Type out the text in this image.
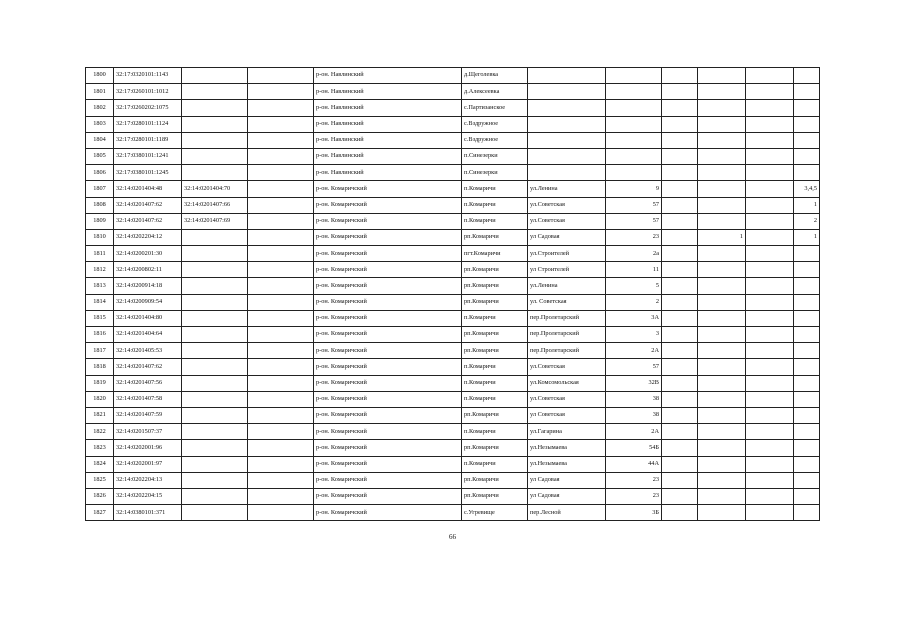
1800	32:17:0320101:1143			р-он. Навлинский	д.Щеголевка						
1801	32:17:0260101:1012			р-он. Навлинский	д.Алексеевка						
1802	32:17:0260202:1075			р-он. Навлинский	с.Партизанское						
1803	32:17:0280101:1124			р-он. Навлинский	с.Вздружное						
1804	32:17:0280101:1189			р-он. Навлинский	с.Вздружное						
1805	32:17:0380101:1241			р-он. Навлинский	п.Синезерки						
1806	32:17:0380101:1245			р-он. Навлинский	п.Синезерки						
1807	32:14:0201404:48	32:14:0201404:70		р-он. Комаричский	п.Комаричи	ул.Ленина	9				3,4,5
1808	32:14:0201407:62	32:14:0201407:66		р-он. Комаричский	п.Комаричи	ул.Советская	57				1
1809	32:14:0201407:62	32:14:0201407:69		р-он. Комаричский	п.Комаричи	ул.Советская	57				2
1810	32:14:0202204:12			р-он. Комаричский	рп.Комаричи	ул Садовая	23		1		1
1811	32:14:0200201:30			р-он. Комаричский	пгт.Комаричи	ул.Строителей	2а				
1812	32:14:0200802:11			р-он. Комаричский	рп.Комаричи	ул Строителей	11				
1813	32:14:0200914:18			р-он. Комаричский	рп.Комаричи	ул.Ленина	5				
1814	32:14:0200909:54			р-он. Комаричский	рп.Комаричи	ул. Советская	2				
1815	32:14:0201404:80			р-он. Комаричский	п.Комаричи	пер.Пролетарский	3А				
1816	32:14:0201404:64			р-он. Комаричский	рп.Комаричи	пер.Пролетарский	3				
1817	32:14:0201405:53			р-он. Комаричский	рп.Комаричи	пер.Пролетарский	2А				
1818	32:14:0201407:62			р-он. Комаричский	п.Комаричи	ул.Советская	57				
1819	32:14:0201407:56			р-он. Комаричский	п.Комаричи	ул.Комсомольская	32В				
1820	32:14:0201407:58			р-он. Комаричский	п.Комаричи	ул.Советская	38				
1821	32:14:0201407:59			р-он. Комаричский	рп.Комаричи	ул Советская	38				
1822	32:14:0201507:37			р-он. Комаричский	п.Комаричи	ул.Гагарина	2А				
1823	32:14:0202001:96			р-он. Комаричский	рп.Комаричи	ул.Незымаева	54Б				
1824	32:14:0202001:97			р-он. Комаричский	п.Комаричи	ул.Незымаева	44А				
1825	32:14:0202204:13			р-он. Комаричский	рп.Комаричи	ул Садовая	23				
1826	32:14:0202204:15			р-он. Комаричский	рп.Комаричи	ул Садовая	23				
1827	32:14:0380101:371			р-он. Комаричский	с.Угревище	пер.Лесной	3Б				
66
